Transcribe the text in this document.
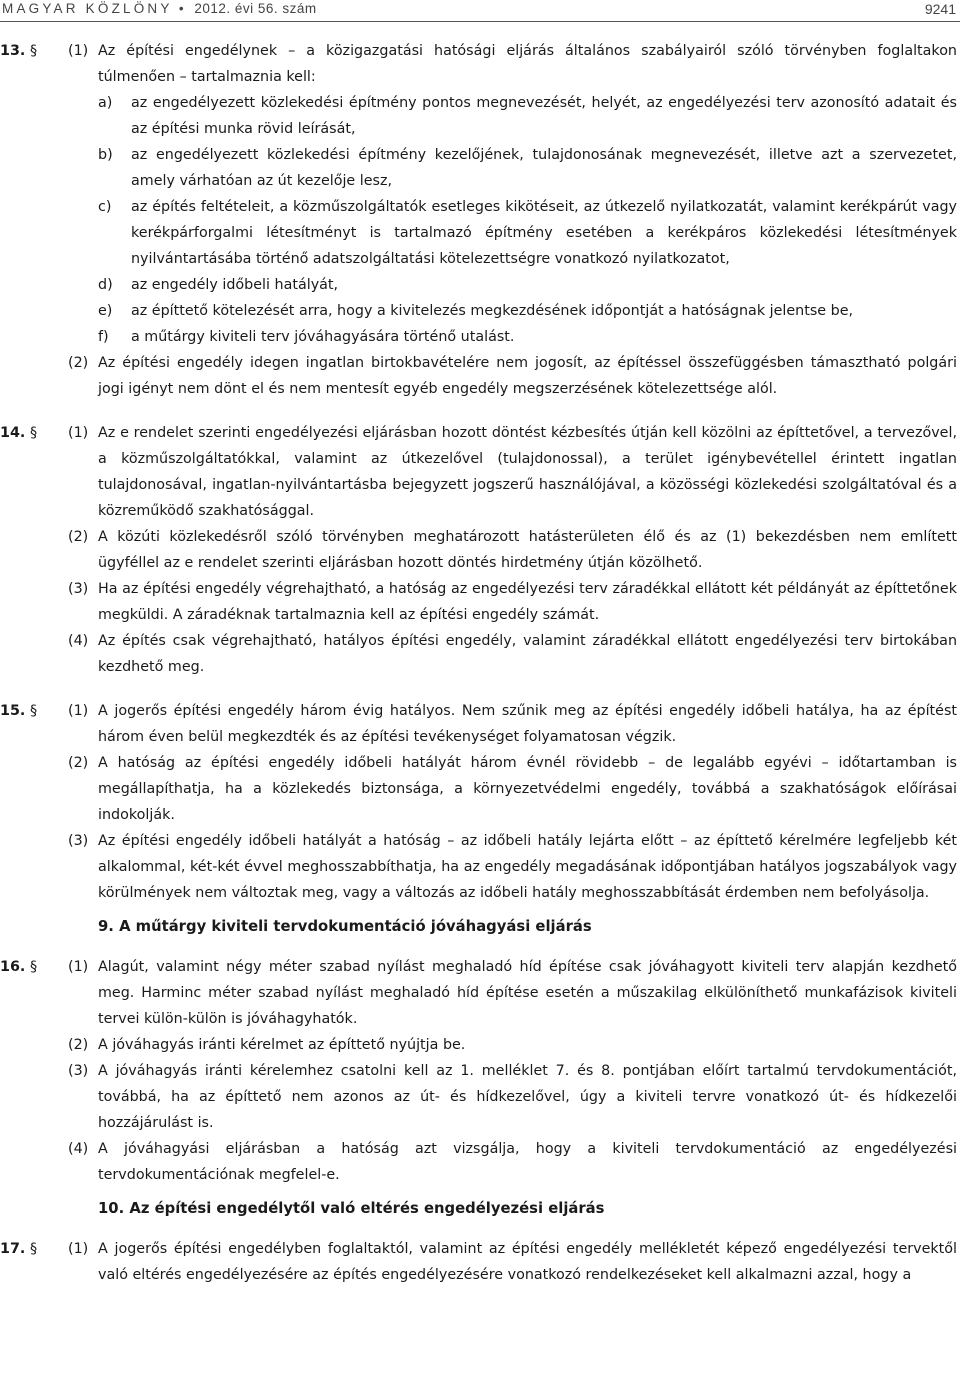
MAGYAR KÖZLÖNY • 2012. évi 56. szám	9241
13. § (1) Az építési engedélynek – a közigazgatási hatósági eljárás általános szabályairól szóló törvényben foglaltakon túlmenően – tartalmaznia kell:
a) az engedélyezett közlekedési építmény pontos megnevezését, helyét, az engedélyezési terv azonosító adatait és az építési munka rövid leírását,
b) az engedélyezett közlekedési építmény kezelőjének, tulajdonosának megnevezését, illetve azt a szervezetet, amely várhatóan az út kezelője lesz,
c) az építés feltételeit, a közműszolgáltatók esetleges kikötéseit, az útkezelő nyilatkozatát, valamint kerékpárút vagy kerékpárforgalmi létesítményt is tartalmazó építmény esetében a kerékpáros közlekedési létesítmények nyilvántartásába történő adatszolgáltatási kötelezettségre vonatkozó nyilatkozatot,
d) az engedély időbeli hatályát,
e) az építtető kötelezését arra, hogy a kivitelezés megkezdésének időpontját a hatóságnak jelentse be,
f) a műtárgy kiviteli terv jóváhagyására történő utalást.
(2) Az építési engedély idegen ingatlan birtokbavételére nem jogosít, az építéssel összefüggésben támasztható polgári jogi igényt nem dönt el és nem mentesít egyéb engedély megszerzésének kötelezettsége alól.
14. § (1) Az e rendelet szerinti engedélyezési eljárásban hozott döntést kézbesítés útján kell közölni az építtetővel, a tervezővel, a közműszolgáltatókkal, valamint az útkezelővel (tulajdonossal), a terület igénybevétellel érintett ingatlan tulajdonosával, ingatlan-nyilvántartásba bejegyzett jogszerű használójával, a közösségi közlekedési szolgáltatóval és a közreműködő szakhatósággal.
(2) A közúti közlekedésről szóló törvényben meghatározott hatásterületen élő és az (1) bekezdésben nem említett ügyféllel az e rendelet szerinti eljárásban hozott döntés hirdetmény útján közölhető.
(3) Ha az építési engedély végrehajtható, a hatóság az engedélyezési terv záradékkal ellátott két példányát az építtetőnek megküldi. A záradéknak tartalmaznia kell az építési engedély számát.
(4) Az építés csak végrehajtható, hatályos építési engedély, valamint záradékkal ellátott engedélyezési terv birtokában kezdhető meg.
15. § (1) A jogerős építési engedély három évig hatályos. Nem szűnik meg az építési engedély időbeli hatálya, ha az építést három éven belül megkezdték és az építési tevékenységet folyamatosan végzik.
(2) A hatóság az építési engedély időbeli hatályát három évnél rövidebb – de legalább egyévi – időtartamban is megállapíthatja, ha a közlekedés biztonsága, a környezetvédelmi engedély, továbbá a szakhatóságok előírásai indokolják.
(3) Az építési engedély időbeli hatályát a hatóság – az időbeli hatály lejárta előtt – az építtető kérelmére legfeljebb két alkalommal, két-két évvel meghosszabbíthatja, ha az engedély megadásának időpontjában hatályos jogszabályok vagy körülmények nem változtak meg, vagy a változás az időbeli hatály meghosszabbítását érdemben nem befolyásolja.
9. A műtárgy kiviteli tervdokumentáció jóváhagyási eljárás
16. § (1) Alagút, valamint négy méter szabad nyílást meghaladó híd építése csak jóváhagyott kiviteli terv alapján kezdhető meg. Harminc méter szabad nyílást meghaladó híd építése esetén a műszakilag elkülöníthető munkafázisok kiviteli tervei külön-külön is jóváhagyhatók.
(2) A jóváhagyás iránti kérelmet az építtető nyújtja be.
(3) A jóváhagyás iránti kérelemhez csatolni kell az 1. melléklet 7. és 8. pontjában előírt tartalmú tervdokumentációt, továbbá, ha az építtető nem azonos az út- és hídkezelővel, úgy a kiviteli tervre vonatkozó út- és hídkezelői hozzájárulást is.
(4) A jóváhagyási eljárásban a hatóság azt vizsgálja, hogy a kiviteli tervdokumentáció az engedélyezési tervdokumentációnak megfelel-e.
10. Az építési engedélytől való eltérés engedélyezési eljárás
17. § (1) A jogerős építési engedélyben foglaltaktól, valamint az építési engedély mellékletét képező engedélyezési tervektől való eltérés engedélyezésére az építés engedélyezésére vonatkozó rendelkezéseket kell alkalmazni azzal, hogy a
